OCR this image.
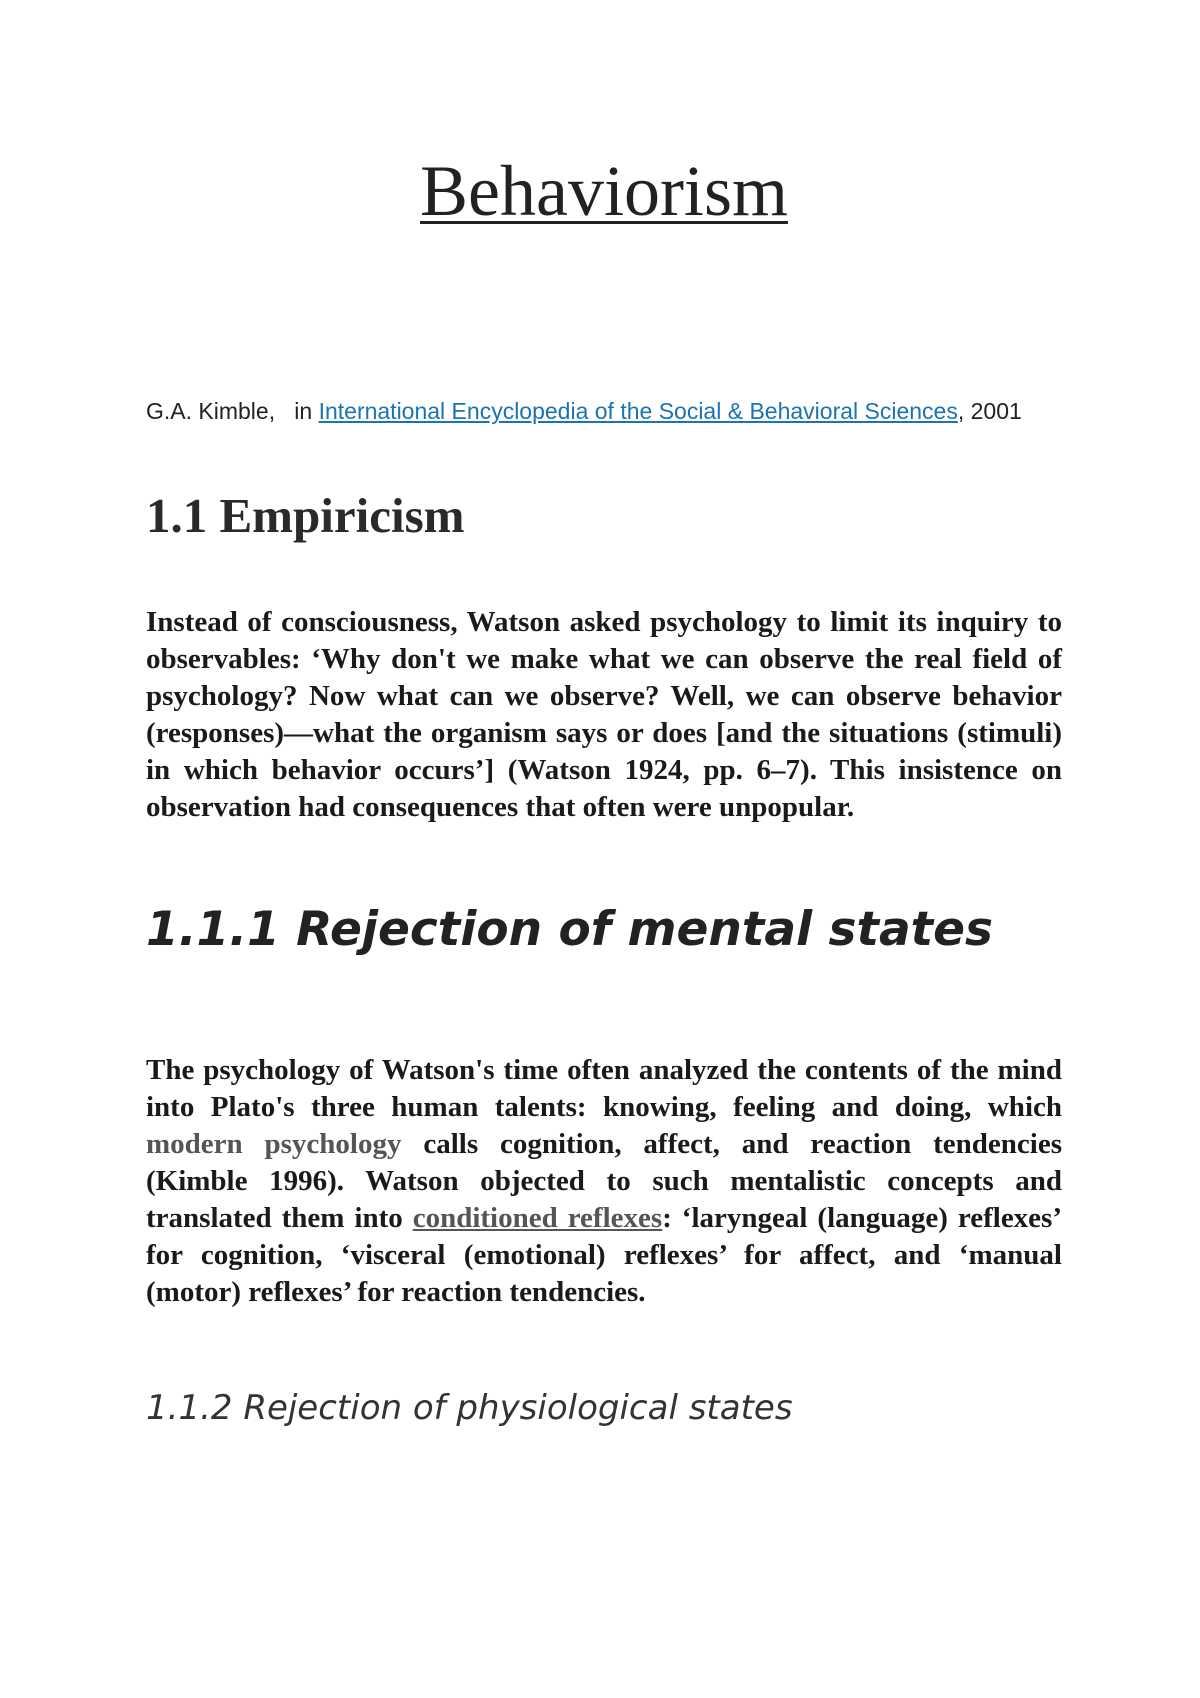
Behaviorism
G.A. Kimble, in International Encyclopedia of the Social & Behavioral Sciences, 2001
1.1 Empiricism

Instead of consciousness, Watson asked psychology to limit its inquiry to observables: ‘Why don't we make what we can observe the real field of psychology? Now what can we observe? Well, we can observe behavior (responses)—what the organism says or does [and the situations (stimuli) in which behavior occurs’] (Watson 1924, pp. 6–7). This insistence on observation had consequences that often were unpopular.

1.1.1 Rejection of mental states

The psychology of Watson's time often analyzed the contents of the mind into Plato's three human talents: knowing, feeling and doing, which modern psychology calls cognition, affect, and reaction tendencies (Kimble 1996). Watson objected to such mentalistic concepts and translated them into conditioned reflexes: ‘laryngeal (language) reflexes’ for cognition, ‘visceral (emotional) reflexes’ for affect, and ‘manual (motor) reflexes’ for reaction tendencies.

1.1.2 Rejection of physiological states
